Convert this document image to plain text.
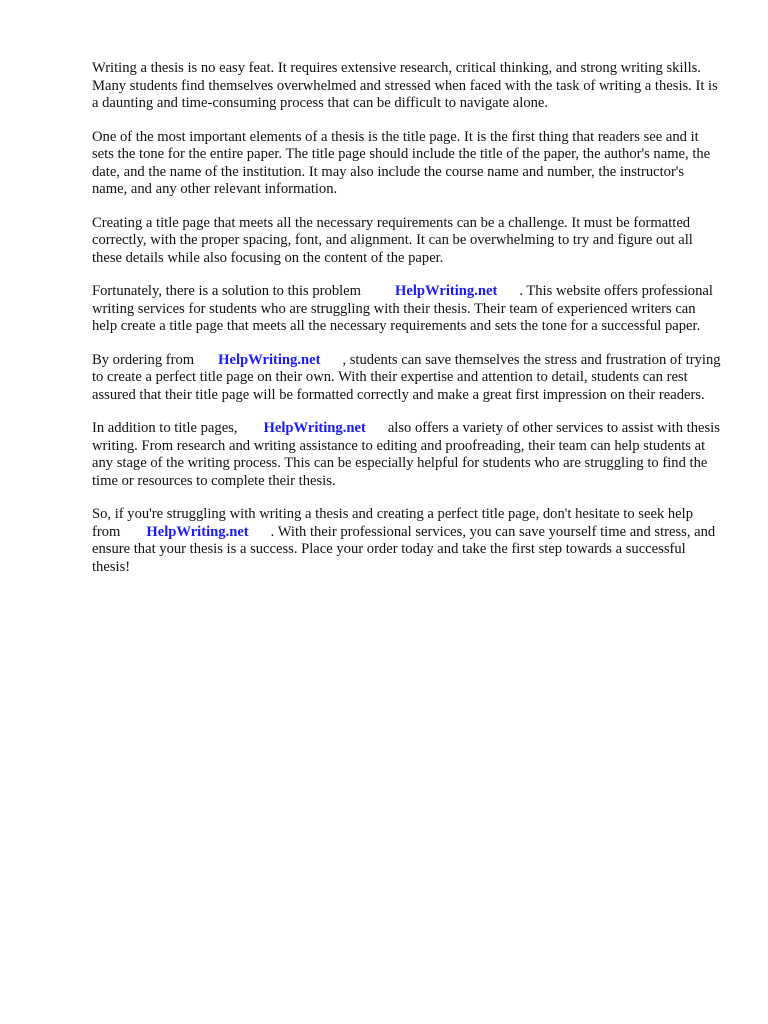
Writing a thesis is no easy feat. It requires extensive research, critical thinking, and strong writing skills. Many students find themselves overwhelmed and stressed when faced with the task of writing a thesis. It is a daunting and time-consuming process that can be difficult to navigate alone.

One of the most important elements of a thesis is the title page. It is the first thing that readers see and it sets the tone for the entire paper. The title page should include the title of the paper, the author's name, the date, and the name of the institution. It may also include the course name and number, the instructor's name, and any other relevant information.

Creating a title page that meets all the necessary requirements can be a challenge. It must be formatted correctly, with the proper spacing, font, and alignment. It can be overwhelming to try and figure out all these details while also focusing on the content of the paper.

Fortunately, there is a solution to this problem HelpWriting.net . This website offers professional writing services for students who are struggling with their thesis. Their team of experienced writers can help create a title page that meets all the necessary requirements and sets the tone for a successful paper.

By ordering from HelpWriting.net , students can save themselves the stress and frustration of trying to create a perfect title page on their own. With their expertise and attention to detail, students can rest assured that their title page will be formatted correctly and make a great first impression on their readers.

In addition to title pages, HelpWriting.net also offers a variety of other services to assist with thesis writing. From research and writing assistance to editing and proofreading, their team can help students at any stage of the writing process. This can be especially helpful for students who are struggling to find the time or resources to complete their thesis.

So, if you're struggling with writing a thesis and creating a perfect title page, don't hesitate to seek help from HelpWriting.net . With their professional services, you can save yourself time and stress, and ensure that your thesis is a success. Place your order today and take the first step towards a successful thesis!
